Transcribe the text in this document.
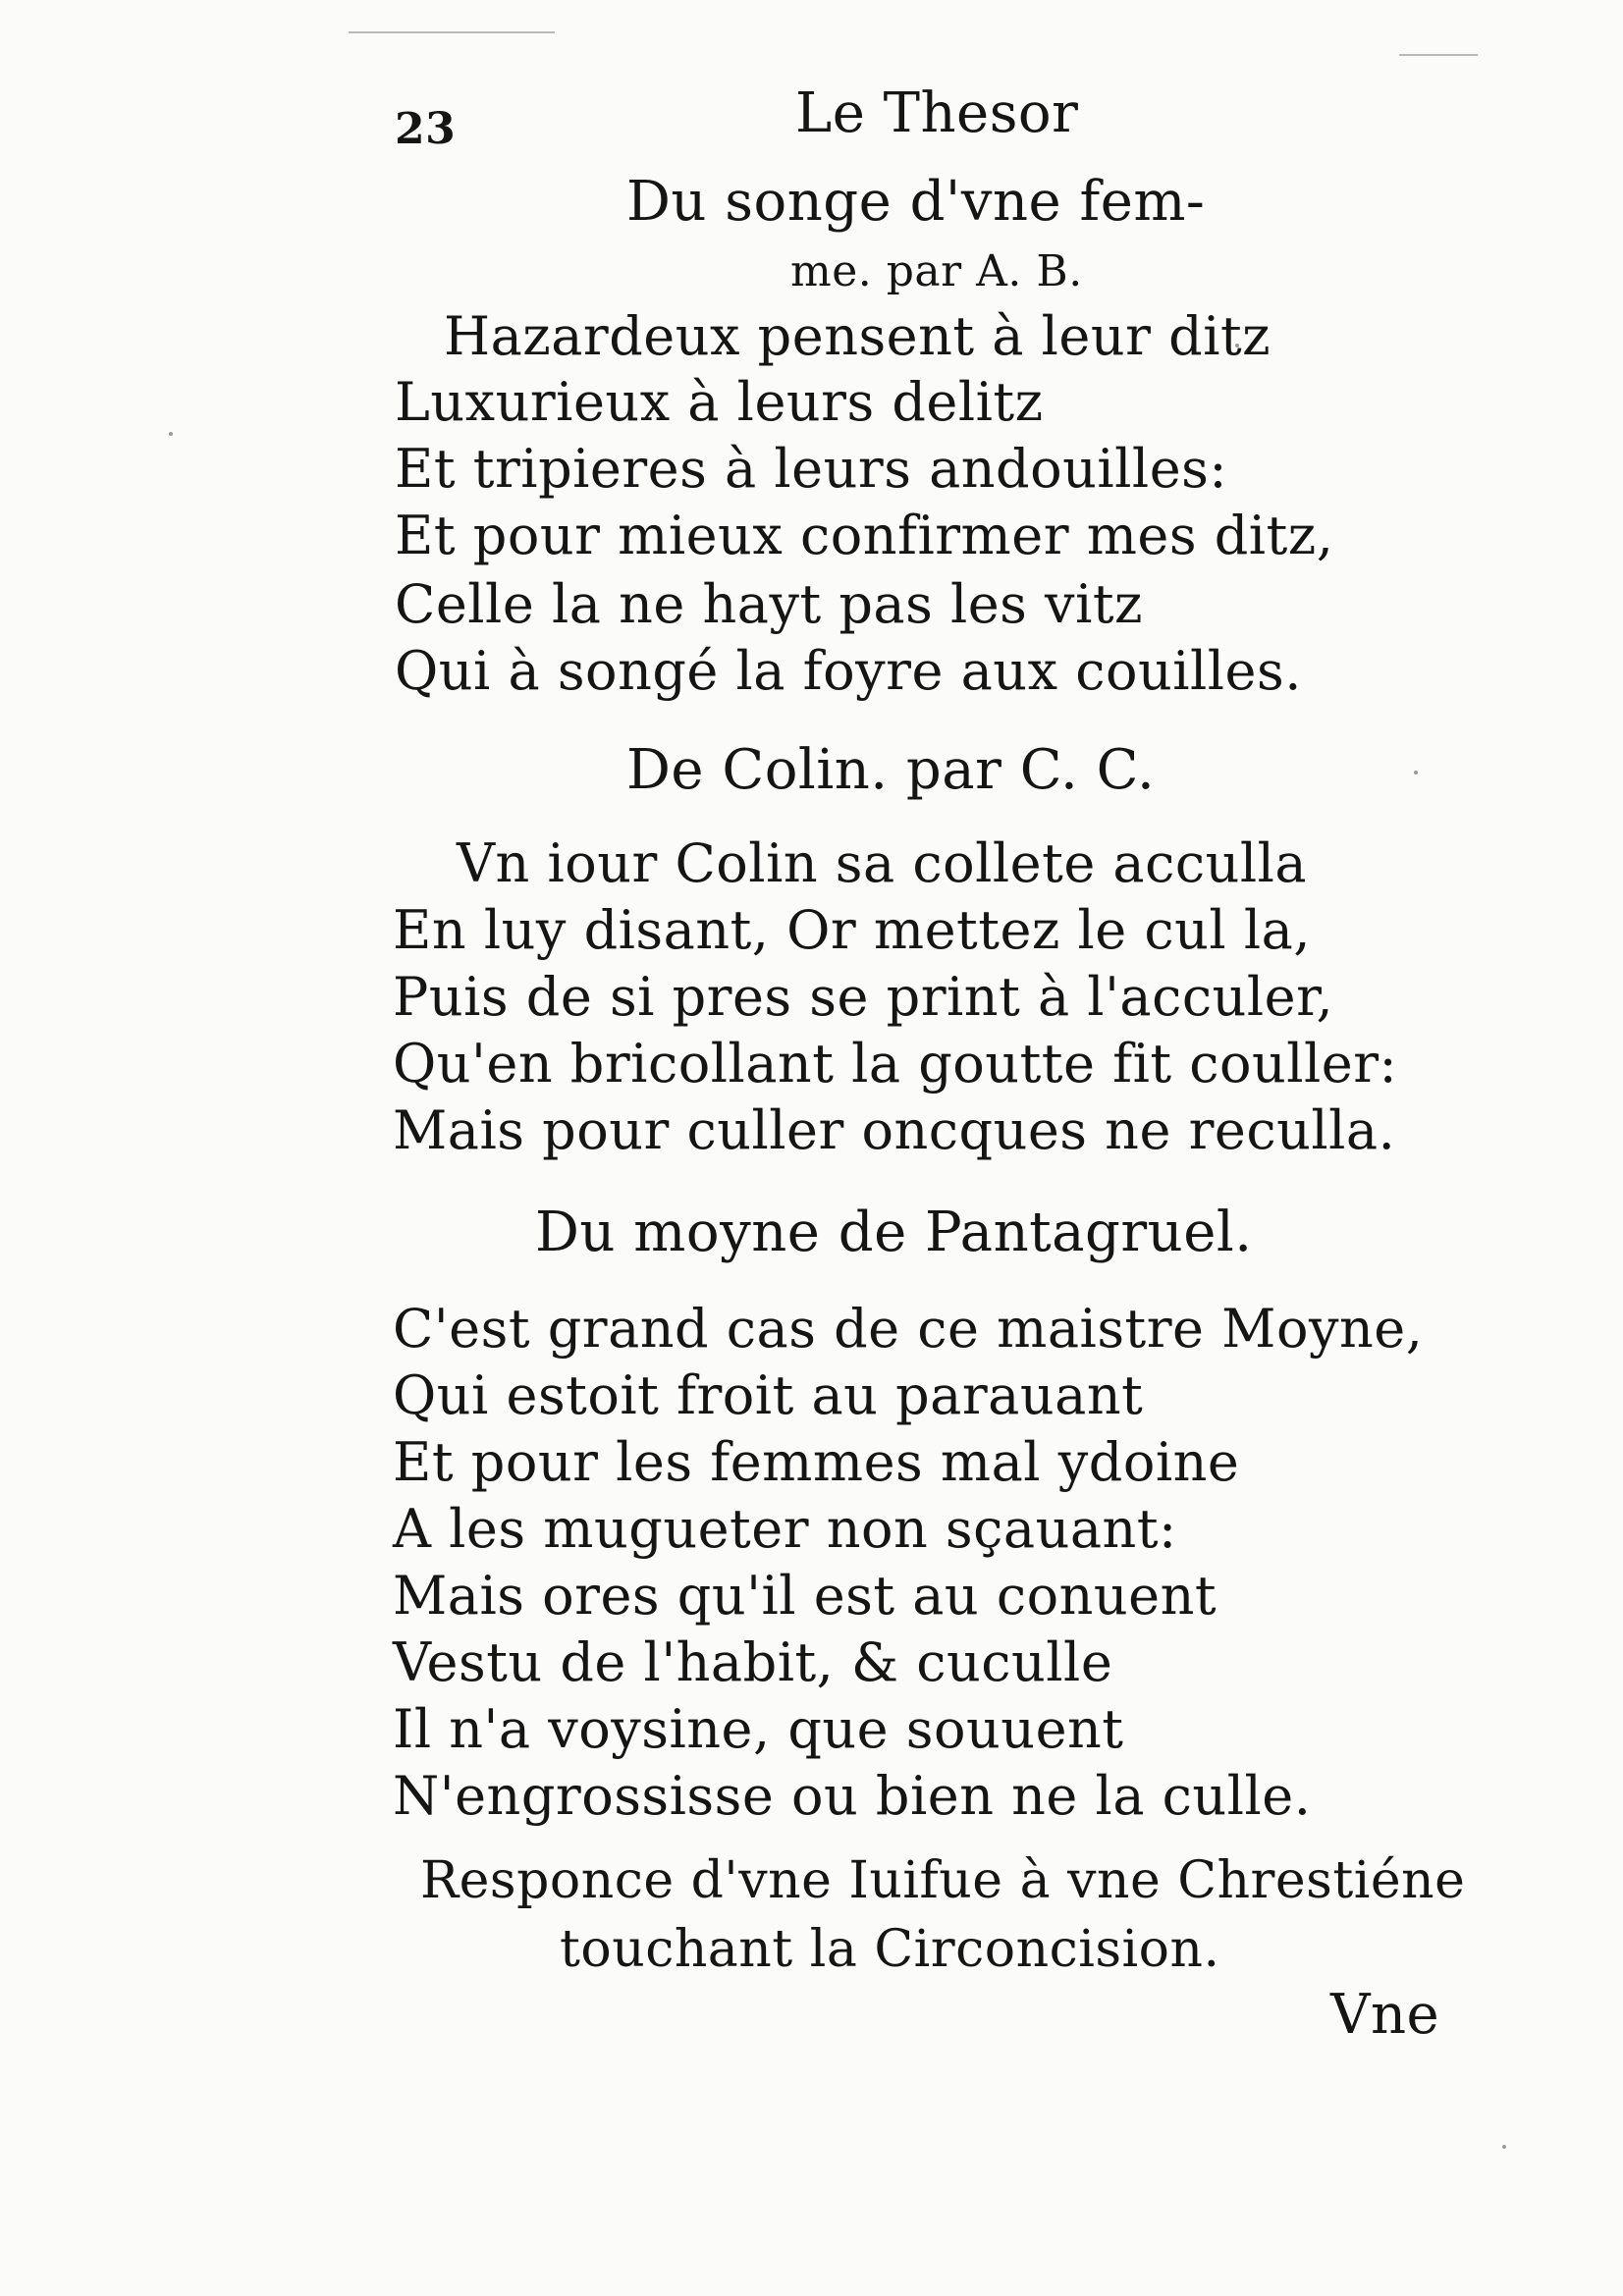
23	Le Thesor
Du songe d'vne fem-
me. par A. B.
Hazardeux pensent à leur ditz
Luxurieux à leurs delitz
Et tripieres à leurs andouilles:
Et pour mieux confirmer mes ditz,
Celle la ne hayt pas les vitz
Qui à songé la foyre aux couilles.
De Colin. par C. C.
Vn iour Colin sa collete acculla
En luy disant, Or mettez le cul la,
Puis de si pres se print à l'acculer,
Qu'en bricollant la goutte fit couller:
Mais pour culler oncques ne reculla.
Du moyne de Pantagruel.
C'est grand cas de ce maistre Moyne,
Qui estoit froit au parauant
Et pour les femmes mal ydoine
A les mugueter non sçauant:
Mais ores qu'il est au conuent
Vestu de l'habit, & cuculle
Il n'a voysine, que souuent
N'engrossisse ou bien ne la culle.
Responce d'vne Iuifue à vne Chrestiéne
touchant la Circoncision.
Vne
